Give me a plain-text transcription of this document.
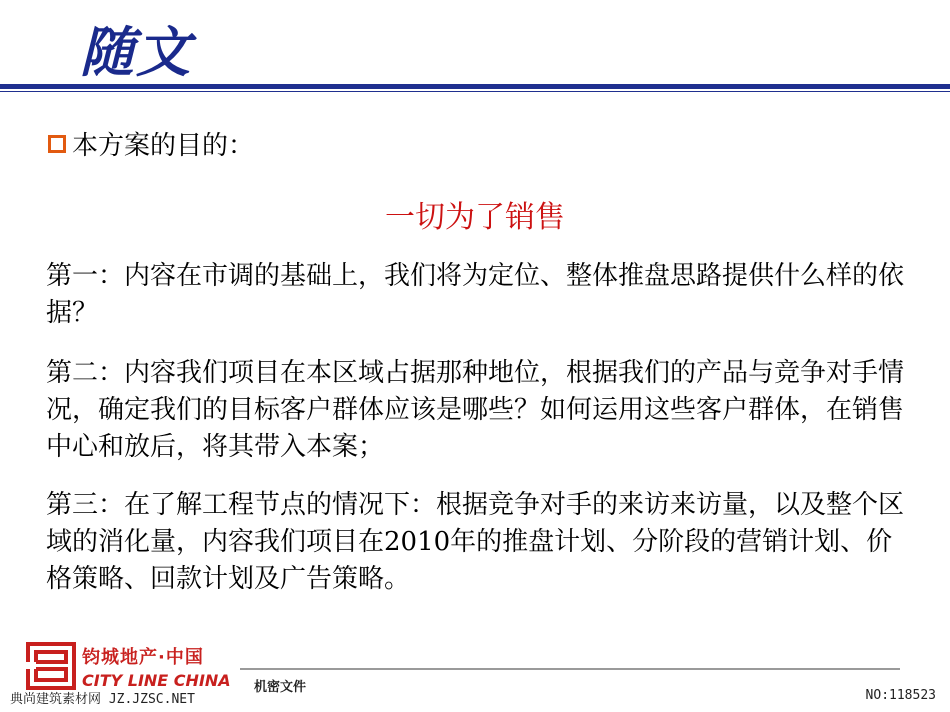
随文
本方案的目的：
一切为了销售
第一：内容在市调的基础上，我们将为定位、整体推盘思路提供什么样的依据？
第二：内容我们项目在本区域占据那种地位，根据我们的产品与竞争对手情况，确定我们的目标客户群体应该是哪些？如何运用这些客户群体，在销售中心和放后，将其带入本案；
第三：在了解工程节点的情况下：根据竞争对手的来访来访量，以及整个区域的消化量，内容我们项目在2010年的推盘计划、分阶段的营销计划、价格策略、回款计划及广告策略。
钧城地产·中国
CITY LINE CHINA 机密文件
典尚建筑素材网 JZ.JZSC.NET	NO:118523
